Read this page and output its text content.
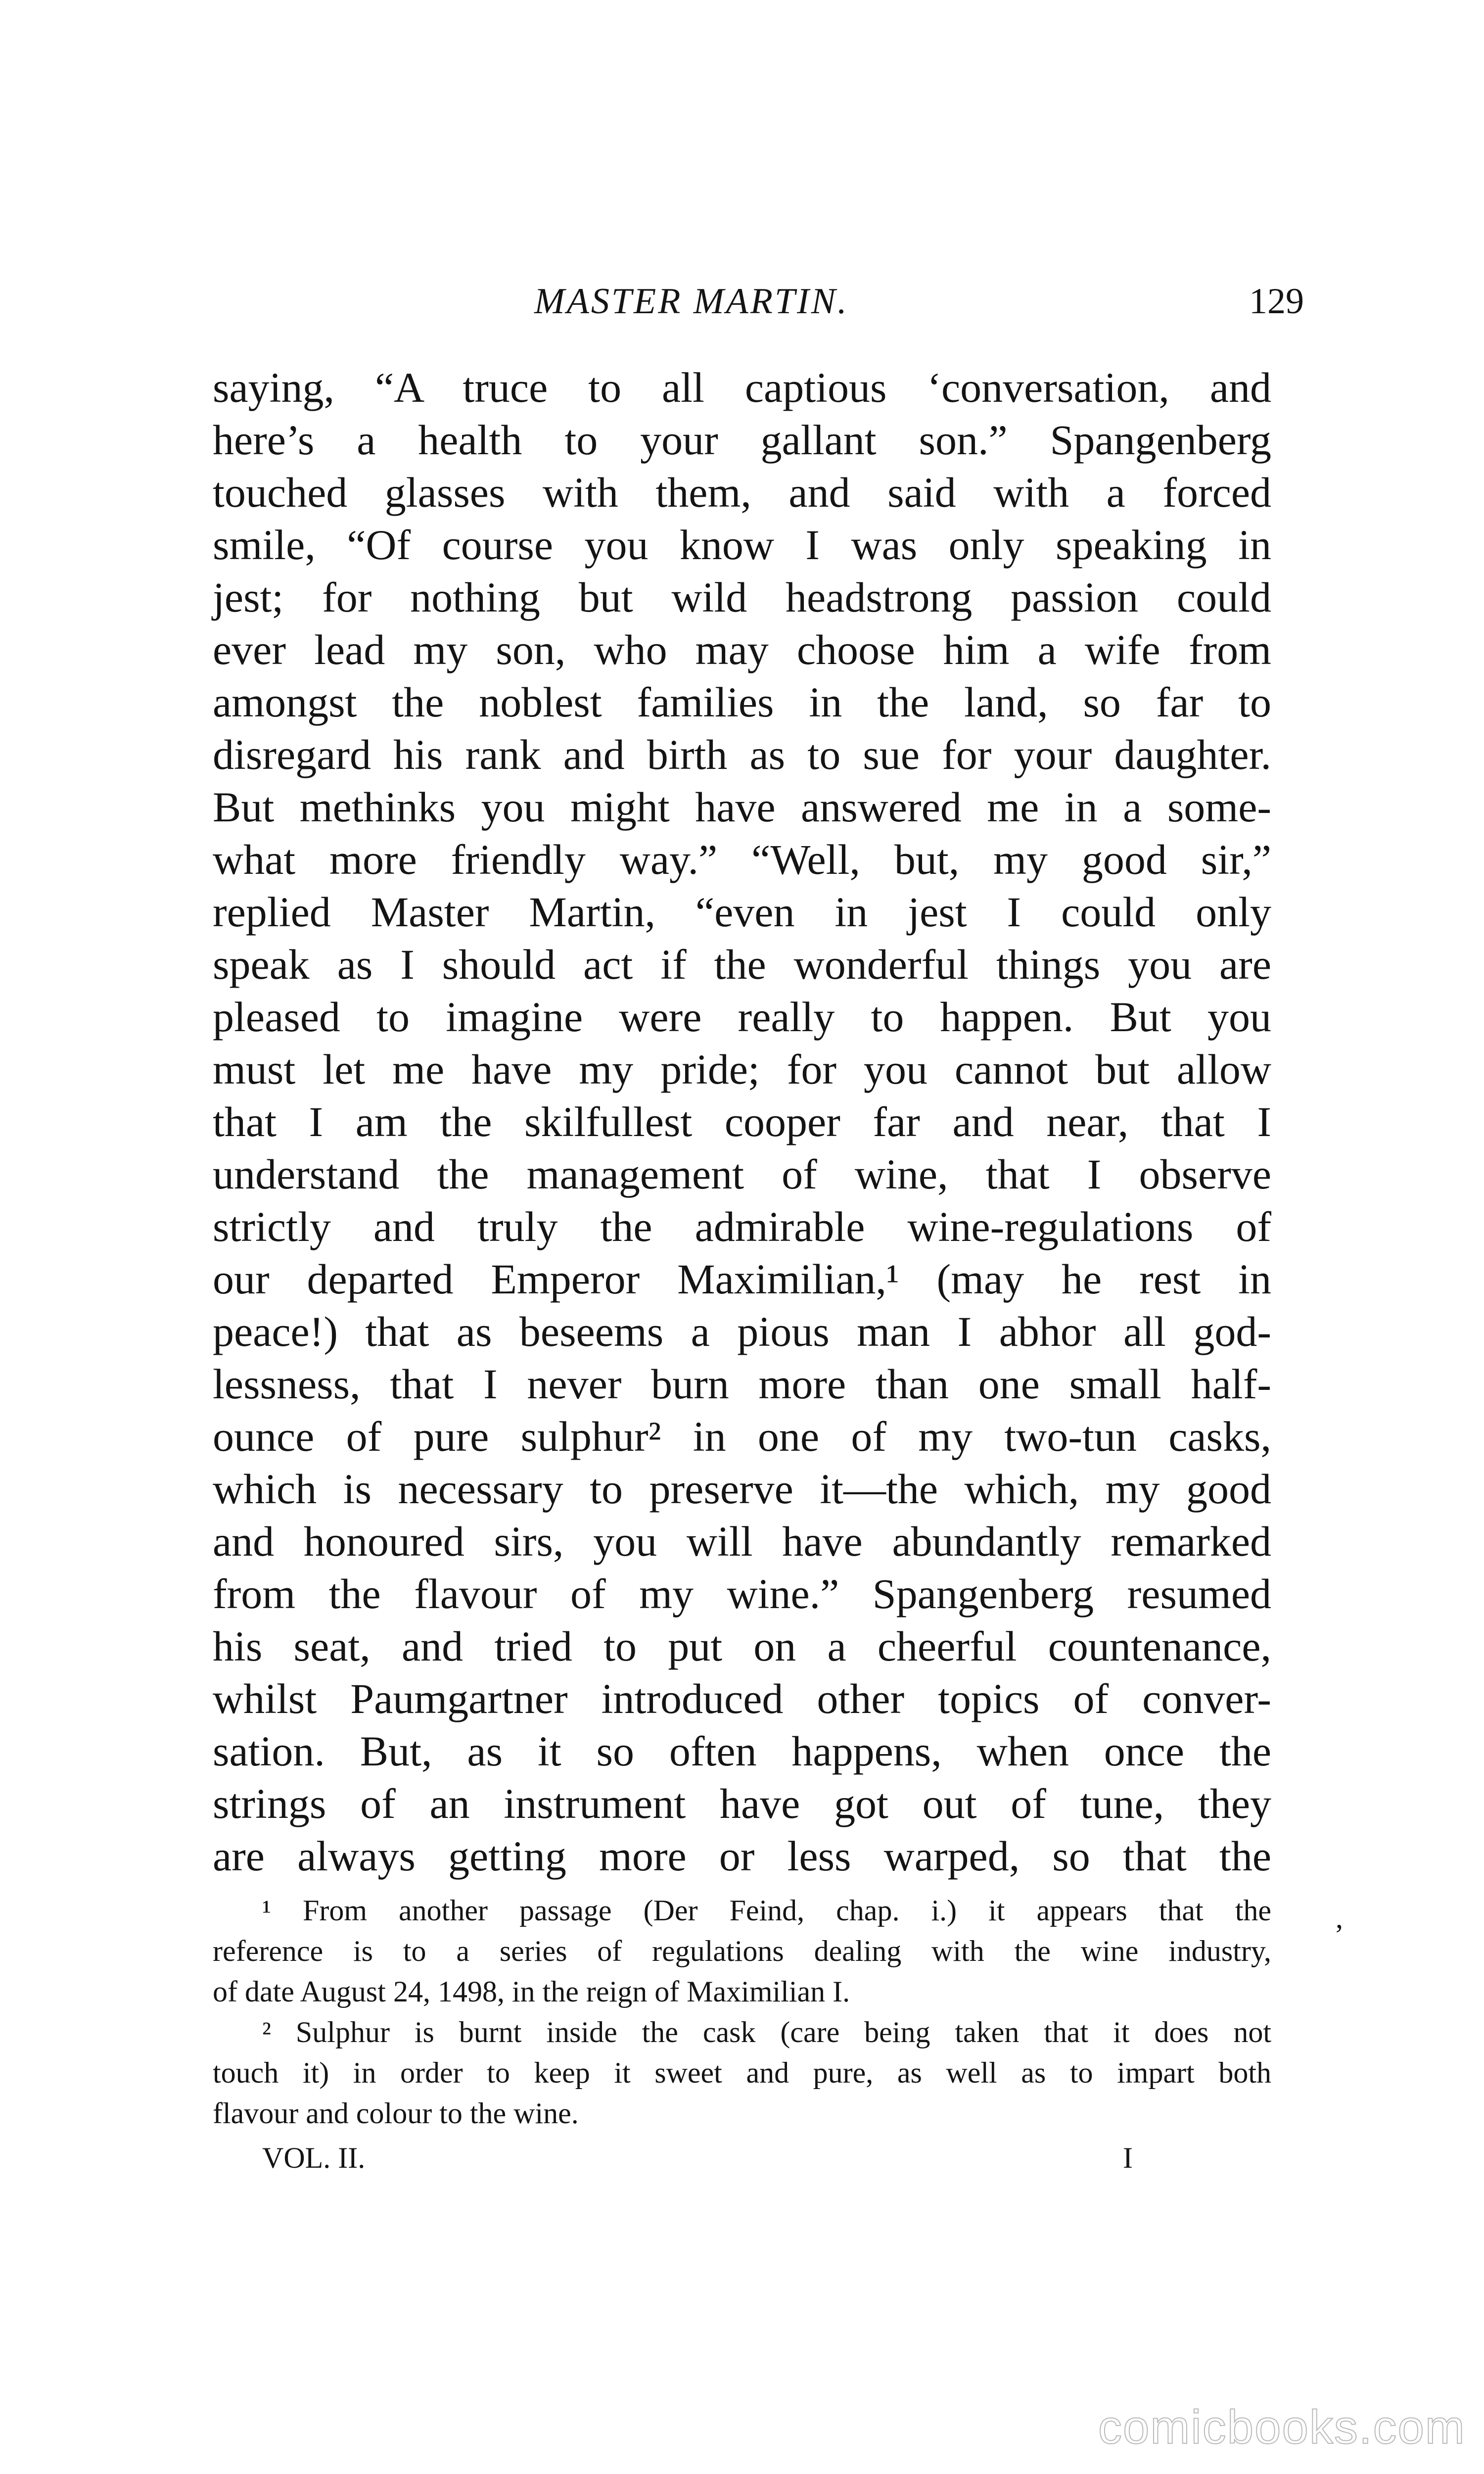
MASTER MARTIN.	129
saying, “A truce to all captious ‘conversation, and
here’s a health to your gallant son.” Spangenberg
touched glasses with them, and said with a forced
smile, “Of course you know I was only speaking in
jest; for nothing but wild headstrong passion could
ever lead my son, who may choose him a wife from
amongst the noblest families in the land, so far to
disregard his rank and birth as to sue for your daughter.
But methinks you might have answered me in a some-
what more friendly way.” “Well, but, my good sir,”
replied Master Martin, “even in jest I could only
speak as I should act if the wonderful things you are
pleased to imagine were really to happen. But you
must let me have my pride; for you cannot but allow
that I am the skilfullest cooper far and near, that I
understand the management of wine, that I observe
strictly and truly the admirable wine-regulations of
our departed Emperor Maximilian,¹ (may he rest in
peace!) that as beseems a pious man I abhor all god-
lessness, that I never burn more than one small half-
ounce of pure sulphur² in one of my two-tun casks,
which is necessary to preserve it—the which, my good
and honoured sirs, you will have abundantly remarked
from the flavour of my wine.” Spangenberg resumed
his seat, and tried to put on a cheerful countenance,
whilst Paumgartner introduced other topics of conver-
sation. But, as it so often happens, when once the
strings of an instrument have got out of tune, they
are always getting more or less warped, so that the
¹ From another passage (Der Feind, chap. i.) it appears that the
reference is to a series of regulations dealing with the wine industry,
of date August 24, 1498, in the reign of Maximilian I.
² Sulphur is burnt inside the cask (care being taken that it does not
touch it) in order to keep it sweet and pure, as well as to impart both
flavour and colour to the wine.
,
VOL. II.	I
comicbooks.com
